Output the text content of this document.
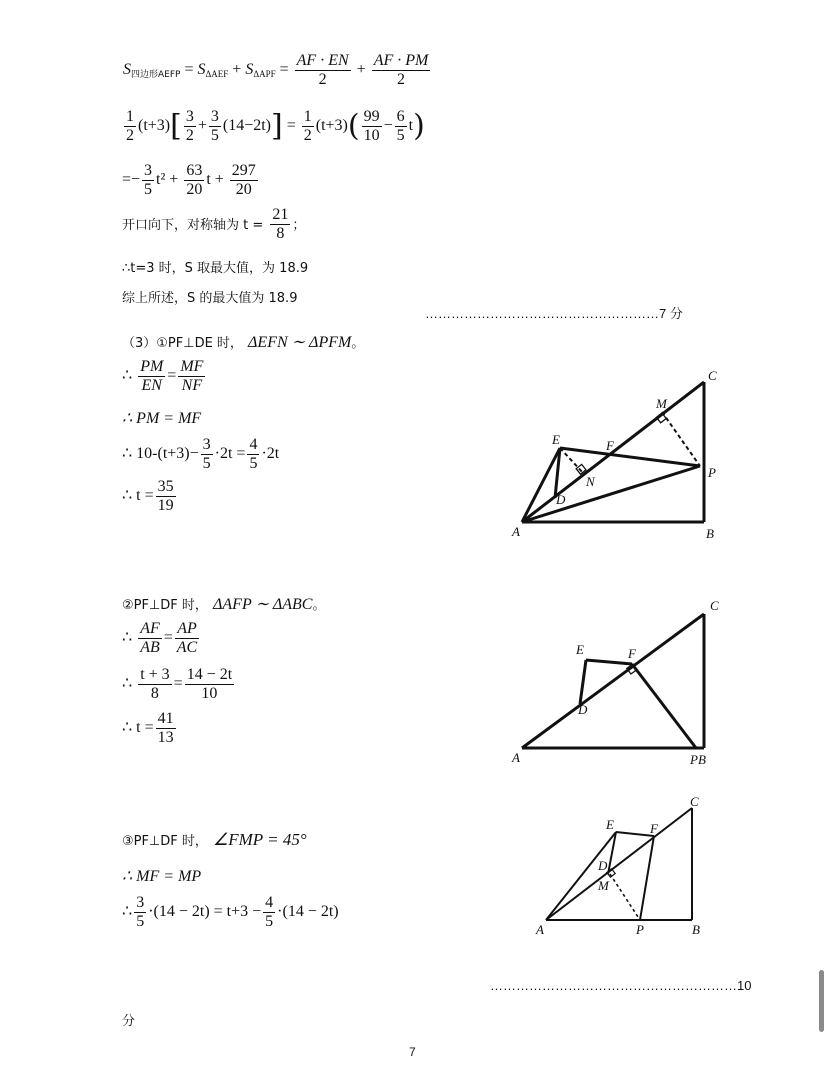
$S_{四边形AEFP} = S_{\Delta AEF} + S_{\Delta APF} = \frac{AF \cdot EN}{2} + \frac{AF \cdot PM}{2}$
$\frac{1}{2} (t+3)[ \frac{3}{2} + \frac{3}{5} (14-2t)] = \frac{1}{2} (t+3)( \frac{99}{10} - \frac{6}{5} t)$
=− $\frac{3}{5} t^2 + \frac{63}{20}$ $t + \frac{297}{20}$
开口向下，对称轴为 $t = \frac{21}{8}$ ；
∴t=3 时，S 取最大值，为 18.9
综上所述，S 的最大值为 18.9
………………………………………………7 分
（3）①PF⊥DE 时， ΔEFN ∼ ΔPFM。
∴ $\frac{PM}{EN} = \frac{MF}{NF}$
∴ PM = MF
∴ $10-(t+3)- \frac{3}{5} \cdot 2t = \frac{4}{5} \cdot 2t$
∴ $t = \frac{35}{19}$
C
M
E	F
P
N
D
A	B
②PF⊥DF 时， ΔAFP ∼ ΔABC。
∴ $\frac{AF}{AB} = \frac{AP}{AC}$
∴ $\frac{t + 3}{8} = \frac{14 - 2t}{10}$
∴ $t = \frac{41}{13}$
C
E	F
D
A	PB
③PF⊥DF 时， ∠FMP = 45°
∴ MF = MP
∴ $\frac{3}{5} \cdot(14 - 2t) = t+3 - \frac{4}{5} \cdot(14 - 2t)$
C
E	F
D
M
A	P	B
…………………………………………………10
分
7
